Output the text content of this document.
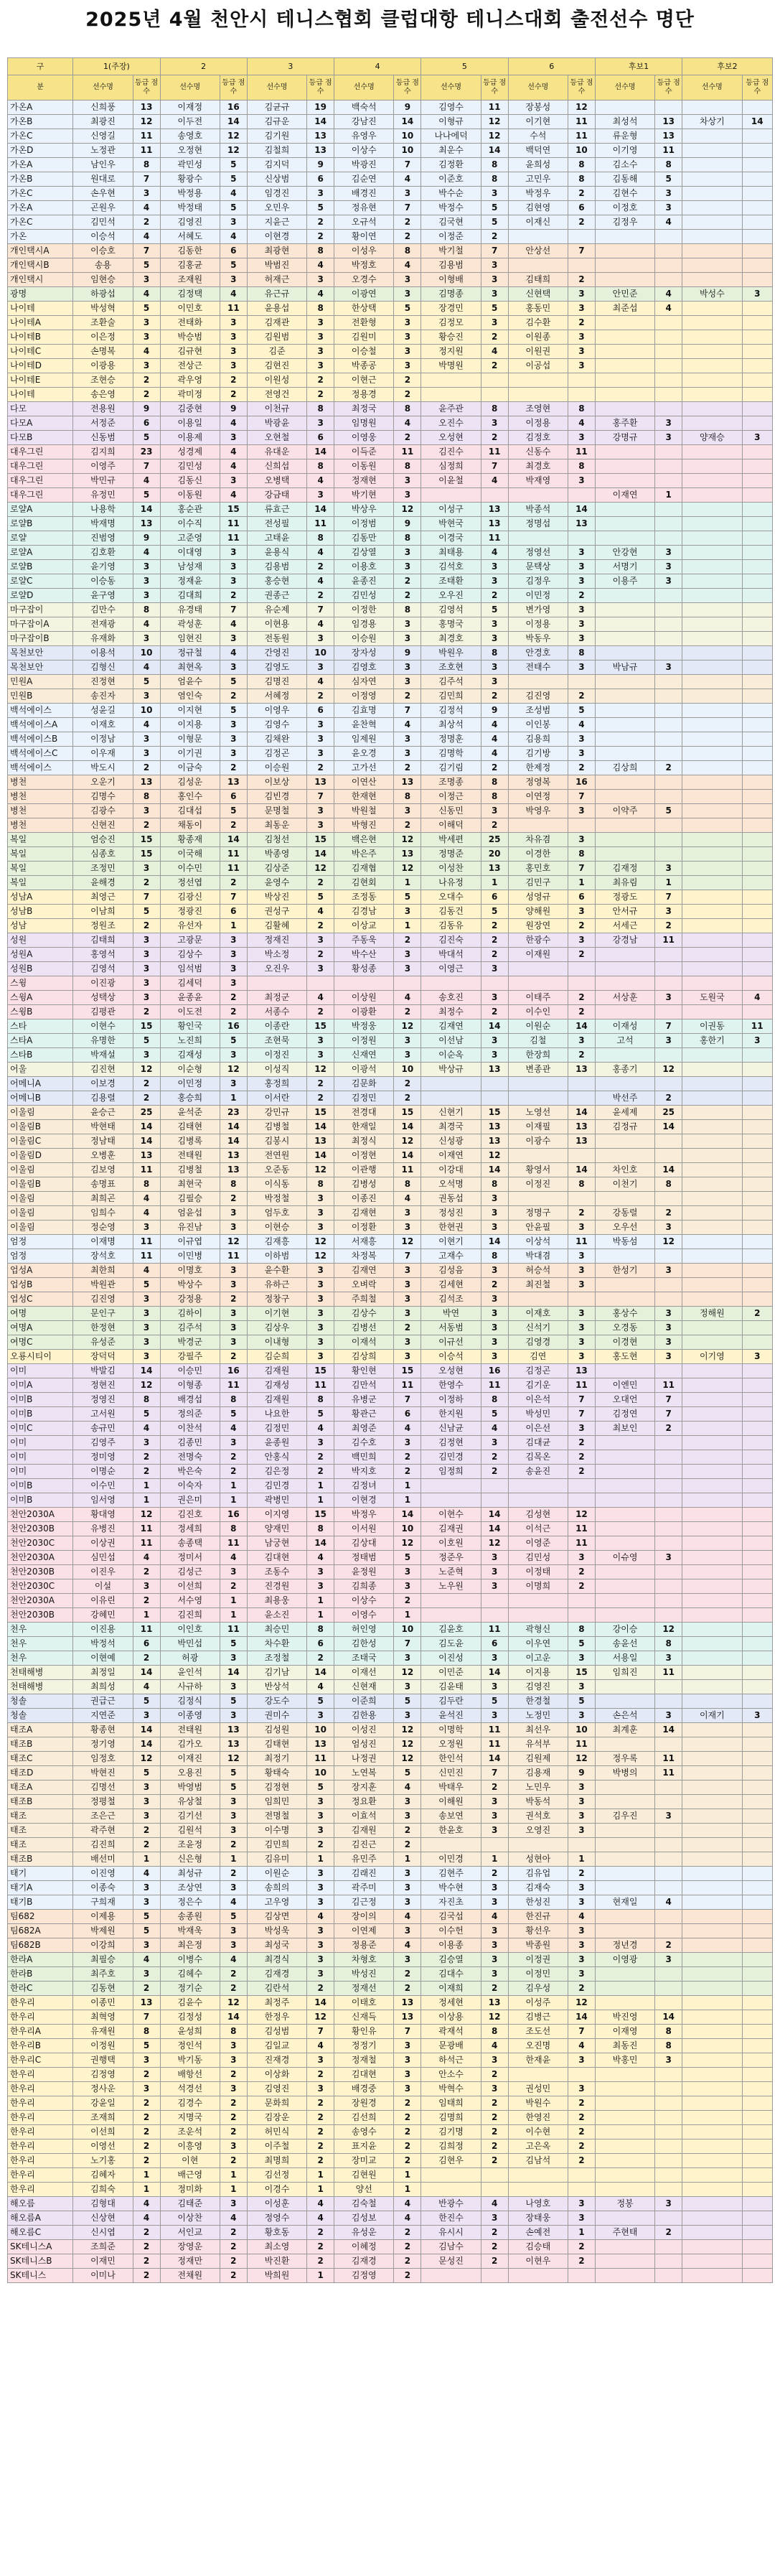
2025년 4월 천안시 테니스협회 클럽대항 테니스대회 출전선수 명단
구	1(주장)		2		3		4		5		6		후보1		후보2	
분	선수명	등급 점수	선수명	등급 점수	선수명	등급 점수	선수명	등급 점수	선수명	등급 점수	선수명	등급 점수	선수명	등급 점수	선수명	등급 점수
가온A	신희풍	13	이재정	16	김균규	19	백숙석	9	김영수	11	장봉성	12				
가온B	최광진	12	이두전	14	김규운	14	강남진	14	이형규	12	이기현	11	최성석	13	차상기	14
가온C	신영길	11	송영호	12	김기원	13	유영우	10	나나에덕	12	수석	11	류운형	13		
가온D	노정관	11	오정현	12	김철희	13	이상수	10	최운수	14	백덕연	10	이기영	11		
가온A	남인우	8	곽민성	5	김지덕	9	박광진	7	김정환	8	윤희성	8	김소수	8		
가온B	원대로	7	황광수	5	신상범	6	김순연	4	이준호	8	고민우	8	김동해	5		
가온C	손우현	3	박정용	4	임경진	3	배경진	3	박수순	3	박정우	2	김현수	3		
가온A	곤원우	4	박정태	5	오민우	5	정유현	7	박정수	5	김현영	6	이정호	3		
가온C	김민석	2	김영진	3	지윤근	2	오규석	2	김국현	5	이재신	2	김정우	4		
가온	이승석	4	서혜도	4	이현경	2	황이연	2	이정준	2						
개인택시A	이승호	7	김동한	6	최광현	8	이성우	8	박기철	7	안상선	7				
개인택시B	송용	5	김홍균	5	박범진	4	박정호	4	김용범	3						
개인택시	임현승	3	조재원	3	허재근	3	오경수	3	이형배	3	김태희	2				
광명	하광섭	4	김정택	4	유근규	4	이광연	3	김명종	3	신현택	3	안민준	4	박성수	3
나이테	박성혁	5	이민호	11	윤용섭	8	한상택	5	장경민	5	홍동민	3	최준섭	4		
나이테A	조환술	3	전태화	3	김재관	3	전환형	3	김정모	3	김수환	2				
나이테B	이은정	3	박승범	3	김원범	3	김원미	3	황승진	2	이원종	3				
나이테C	손명복	4	김규현	3	김준	3	이승철	3	정지원	4	이원권	3				
나이테D	이광용	3	전상근	3	김현진	3	박종공	3	박명원	2	이공섭	3				
나이테E	조현승	2	곽우영	2	이원성	2	이현근	2								
나이테	송은영	2	곽미정	2	전영건	2	정용경	2								
다모	전용원	9	김중현	9	이천규	8	최정국	8	윤주관	8	조영현	8				
다모A	서정준	6	이용일	4	박광윤	3	임명원	4	오진수	3	이정용	4	홍주환	3		
다모B	신동범	5	이용제	3	오현철	6	이영웅	2	오성현	2	김정호	3	강명규	3	양재승	3
대우그린	김지희	23	성경제	4	유대운	14	이득준	11	김진수	11	신동수	11				
대우그린	이영주	7	김민성	4	신희섭	8	이동원	8	심정희	7	최경호	8				
대우그린	박민규	4	김동신	3	오병택	4	정재현	3	이윤철	4	박재영	3				
대우그린	유정민	5	이동원	4	강금태	3	박기현	3					이재연	1		
로얄A	나용학	14	홍순관	15	류효근	14	박상우	12	이성구	13	박종석	14				
로얄B	박재명	13	이수직	11	전성필	11	이정범	9	박현국	13	정명섭	13				
로얄	진범영	9	고준영	11	고태윤	8	김동만	8	이경국	11						
로얄A	김호환	4	이대영	3	윤용식	4	김상열	3	최태용	4	정영선	3	안강현	3		
로얄B	윤기영	3	남성재	3	김용범	2	이용호	3	김석호	3	문택상	3	서명기	3		
로얄C	이승동	3	정재윤	3	홍승현	4	윤종진	2	조태환	3	김정우	3	이용주	3		
로얄D	윤구영	3	김대희	2	권종근	2	김민성	2	오우진	2	이민정	2				
마구잡이	김만수	8	유경태	7	유순제	7	이정한	8	김영석	5	변가영	3				
마구잡이A	전재광	4	곽성훈	4	이현용	4	임경용	3	홍명국	3	이정용	3				
마구잡이B	유재화	3	임현진	3	전동원	3	이승원	3	최경호	3	박동우	3				
목천보안	이용석	10	정규철	4	간영진	10	장자성	9	박원우	8	안경호	8				
목천보안	김형신	4	최현옥	3	김영도	3	김영호	3	조호현	3	전태수	3	박남규	3		
민원A	진정현	5	엄윤수	5	김명진	4	심자연	3	김주석	3						
민원B	송진자	3	염인숙	2	서혜정	2	이정영	2	김민희	2	김진영	2				
백석에이스	성윤길	10	이지현	5	이영우	6	김효명	7	김정석	9	조성범	5				
백석에이스A	이재호	4	이지용	3	김영수	3	윤찬혁	4	최상석	4	이인봉	4				
백석에이스B	이정남	3	이형문	3	김채완	3	임제원	3	정명훈	4	김용희	3				
백석에이스C	이우재	3	이기권	3	김정곤	3	윤오경	3	김명학	4	김기방	3				
백석에이스	박도시	2	이금숙	2	이승원	2	고가선	2	김기림	2	한제정	2	김상희	2		
병천	오운기	13	김성운	13	이보상	13	이연산	13	조명종	8	정영복	16				
병천	김명수	8	홍인수	6	김빈경	7	한재현	8	이정근	8	이연정	7				
병천	김광수	3	김대섭	5	문명철	3	박원철	3	신동민	3	박영우	3	이약주	5		
병천	신현진	2	채동이	2	최동운	3	박형진	2	이해덕	2						
복일	엄승진	15	황종재	14	김청선	15	백은현	12	박세편	25	차유겸	3				
복일	심종호	15	이국해	11	박종영	14	박은주	13	정명준	20	이경한	8				
복일	조정민	3	이수민	11	김상준	12	김재협	12	이성찬	13	홍민호	7	김재정	3		
복일	윤해경	2	정선엽	2	윤영수	2	김현회	1	나유정	1	김민구	1	최유림	1		
성남A	최영근	7	김광신	7	박상진	5	조정동	5	오대수	6	성영규	6	정광도	7		
성남B	이남희	5	정광진	6	권성구	4	김경남	3	김동건	5	양해원	3	안서규	3		
성남	정원조	2	유선자	1	김활혜	2	이상교	1	김동유	2	원장연	2	서세근	2		
성원	김태희	3	고광문	3	정재진	3	주동욱	2	김진숙	2	한광수	3	강경남	11		
성원A	홍영석	3	김상수	3	박소정	2	박수산	3	박대석	2	이재원	2				
성원B	김영석	3	임석범	3	오진우	3	황성종	3	이영근	3						
스윙	이진광	3	김세덕	3												
스윙A	성택상	3	윤종윤	2	최정군	4	이상원	4	송호진	3	이태주	2	서상훈	3	도원국	4
스윙B	김평관	2	이도전	2	서종수	2	이광환	2	최정수	2	이수인	2				
스타	이현수	15	황인국	16	이종란	15	박정웅	12	김재연	14	이원순	14	이재성	7	이권동	11
스타A	유명한	5	노진희	5	조현묵	3	이정원	3	이선남	3	김철	3	고석	3	홍한기	3
스타B	박재설	3	김재성	3	이정진	3	신재연	3	이순옥	3	한장희	2				
어울	김진현	12	이순형	12	이성직	12	이광석	10	박상규	13	변종관	13	홍종기	12		
어메니A	이보경	2	이민정	3	홍정희	2	김문화	2								
어메니B	김용렬	2	홍승희	1	이서란	2	김정민	2					박선주	2		
이울림	윤승근	25	윤석준	23	강민규	15	전경대	15	신현기	15	노영선	14	윤세제	25		
이울림B	박현태	14	김태현	14	김병철	14	한재일	14	최경국	13	이재필	13	김정규	14		
이울림C	정남태	14	김병록	14	김봉시	13	최정식	12	신성광	13	이광수	13				
이울림D	오병훈	13	전태원	13	전연원	14	이정현	14	이재연	12						
이울림	김보영	11	김병철	13	오준동	12	이관행	11	이강대	14	황영서	14	차인호	14		
이울림B	송명표	8	최현국	8	이식동	8	김병성	8	오석명	8	이정진	8	이천기	8		
이울림	최희곤	4	김필승	2	박정철	3	이종진	4	권동섭	3						
이울림	임희수	4	엄윤섭	3	엄두호	3	김재현	3	정성진	3	정명구	2	강동렬	2		
이울림	정순영	3	유진남	3	이현승	3	이정환	3	한현권	3	안윤필	3	오우선	3		
엄정	이재명	11	이규엽	12	김재흥	12	서재흥	12	이현기	14	이상석	11	박동섬	12		
엄정	장석호	11	이민병	11	이하범	12	차정복	7	고재수	8	박대겸	3				
업성A	최한희	4	이명호	3	윤수환	3	김재연	3	김성음	3	허승석	3	한성기	3		
업성B	박원관	5	박상수	3	유하근	3	오벼락	3	김세현	2	최진철	3				
업성C	김진영	3	강정용	2	정창구	3	주희철	3	김석조	3						
여명	문인구	3	김하이	3	이기현	3	김상수	3	박연	3	이재호	3	홍상수	3	정해원	2
여명A	한정현	3	김주석	3	김상우	3	김병선	2	서동범	3	신석기	3	오경동	3		
여명C	유성준	3	박경군	3	이내형	3	이재석	3	이규선	3	김영경	3	이경현	3		
오룡시티이	장덕덕	3	강필주	2	김순희	3	김상희	3	이승석	3	김연	3	홍도현	3	이기영	3
이미	박발김	14	이승민	16	김재원	15	황인현	15	오성현	16	김정곤	13				
이미A	정현진	12	이형종	11	김재성	11	김만석	11	한영수	11	김기운	11	이엔민	11		
이미B	정영진	8	배경섭	8	김재원	8	유병군	7	이정하	8	이은석	7	오대언	7		
이미B	고서원	5	정의준	5	나요한	5	황관근	6	한지원	5	박성민	7	김정연	7		
이미C	송규민	4	이찬석	4	김정민	4	최영준	4	신남균	4	이은선	3	최보인	2		
이미	김영주	3	김종민	3	윤종원	3	김수호	3	김정현	3	김대균	2				
이미	정미영	2	전명숙	2	안홍식	2	백민희	2	김민경	2	김목온	2				
이미	이명순	2	박은숙	2	김은정	2	박지호	2	임정희	2	송윤진	2				
이미B	이수민	1	이숙자	1	김민경	1	김정녀	1								
이미B	임서영	1	권은미	1	곽병민	1	이현경	1								
천안2030A	황대영	12	김진호	16	이지영	15	박정우	14	이현수	14	김성현	12				
천안2030B	유병진	11	정세희	8	양재민	8	이서원	10	김재권	14	이석근	11				
천안2030C	이상권	11	송종택	11	남궁현	14	김상대	12	이호원	12	이영준	11				
천안2030A	심민섭	4	정미서	4	김대현	4	정태범	5	정준우	3	김민성	3	이슈영	3		
천안2030B	이진우	2	김성근	3	조동수	3	윤정원	3	노준혁	3	이정태	2				
천안2030C	이설	3	이선희	2	진경원	3	김희종	3	노우원	3	이명희	2				
천안2030A	이유린	2	서수영	1	최용웅	1	이상수	2								
천안2030B	강혜민	1	김진희	1	윤소진	1	이영수	1								
천우	이진용	11	이인호	11	최승민	8	허인영	10	김윤호	11	곽형신	8	강이승	12		
천우	박정석	6	박민섭	5	차수환	6	김한성	7	김도윤	6	이우연	5	송윤선	8		
천우	이현예	2	허광	3	조정철	2	조태국	3	이진성	3	이고운	3	서용일	3		
천태해병	최정일	14	윤인석	14	김기남	14	이재선	12	이민준	14	이지용	15	임희진	11		
천태해병	최희성	4	사규하	3	반상석	4	신현재	3	김윤태	3	김영진	3				
청솔	권급근	5	김정식	5	강도수	5	이준희	5	김두란	5	한경철	5				
청솔	지연준	3	이종영	3	권미수	3	김한용	3	윤석진	3	노정민	3	손은석	3	이재기	3
태조A	황종현	14	전태원	13	김성원	10	이성진	12	이명학	11	최선우	10	최계훈	14		
태조B	정기영	14	김가오	13	김태현	13	엄성진	12	오정원	11	유석부	11				
태조C	임정호	12	이재진	12	최정기	11	나정권	12	한인석	14	김원제	12	정우록	11		
태조D	박현진	5	오용진	5	황태숙	10	노연복	5	신민진	7	김용재	9	박병의	11		
태조A	김명선	3	박영범	5	김정현	5	장지훈	4	박태우	2	노민우	3				
태조B	정평철	3	유상철	3	임희민	3	정요환	3	이해원	3	박동석	3				
태조	조은근	3	김기선	3	전명철	3	이효석	3	송보연	3	권석호	3	김우진	3		
태조	곽주현	2	김원석	3	이수명	3	김재원	2	한윤호	3	오영진	3				
태조	김진희	2	조윤정	2	김민희	2	김진근	2								
태조B	배선미	1	신은형	1	김유미	1	유민주	1	이민경	1	성현아	1				
태기	이진영	4	최성규	2	이원순	3	김래진	3	김현주	2	김유업	2				
태기A	이종숙	3	조상연	3	송희의	3	곽주미	3	박수현	3	김재숙	3				
태기B	구희재	3	정은수	4	고우영	3	김근정	3	자진초	3	한성진	3	현재일	4		
팀682	이제용	5	송종원	5	김상면	4	장이의	4	김국섭	4	한진규	4				
팀682A	박제원	5	박재욱	3	박성욱	3	이연제	3	이수헌	3	황선우	3				
팀682B	이강희	3	최은정	3	최성국	3	정용준	4	이용종	3	박종원	3	정년경	2		
한라A	최필승	4	이병수	4	최경식	3	차형호	3	김승열	3	이정권	3	이영광	3		
한라B	최주호	3	김헤수	2	김재경	3	박성진	2	김대수	3	이정민	3				
한라C	김동현	2	정기순	2	김란석	2	정재선	2	이재희	2	김우성	2				
한우리	이종민	13	김윤수	12	최정주	14	이태호	13	정세현	13	이성주	12				
한우리	최혁영	7	김정성	14	한정우	12	신재득	13	이상용	12	김병근	14	박진영	14		
한우리A	유재원	8	윤성희	8	김성범	7	황인유	7	곽재석	8	조도선	7	이재영	8		
한우리B	이정원	5	정인석	3	김일교	4	정정기	3	문광배	4	오진명	4	최동진	8		
한우리C	권행택	3	박기동	3	진재경	3	정재철	3	하석근	3	한재윤	3	박홍민	3		
한우리	김정영	2	배항선	2	이상화	2	김대현	3	안소수	2						
한우리	정사운	3	석경선	3	김영진	3	배경중	3	박혁수	3	권성민	3				
한우리	강윤일	2	김경수	2	문화희	2	장원경	2	임태희	2	박원수	2				
한우리	조재희	2	지명국	2	김장운	2	김선희	2	김명희	2	한영진	2				
한우리	이선희	2	조운석	2	허민식	2	송영수	2	김기명	2	이수현	2				
한우리	이영선	2	이흥영	3	이주철	2	표지윤	2	김희정	2	고은옥	2				
한우리	노기홍	2	이현	2	최명희	2	장미교	2	김현우	2	김남석	2				
한우리	김혜자	1	배근영	1	김선정	1	김현원	1								
한우리	김희숙	1	정미화	1	이경수	1	양선	1								
해오름	김형대	4	김태준	3	이성훈	4	김숙철	4	반광수	4	나영호	3	정봉	3		
해오름A	신상현	4	이상찬	4	정영수	4	김성보	4	한진수	3	장태웅	3				
해오름C	신시엽	2	서인교	2	황호동	2	유성운	2	유시시	2	손예전	1	주현태	2		
SK테니스A	조희준	2	장영운	2	최소영	2	이혜정	2	김남수	2	김승태	2				
SK테니스B	이재민	2	정재만	2	박진환	2	김재경	2	문성진	2	이현우	2				
SK테니스	이미나	2	전채원	2	박희원	1	김정영	2								
